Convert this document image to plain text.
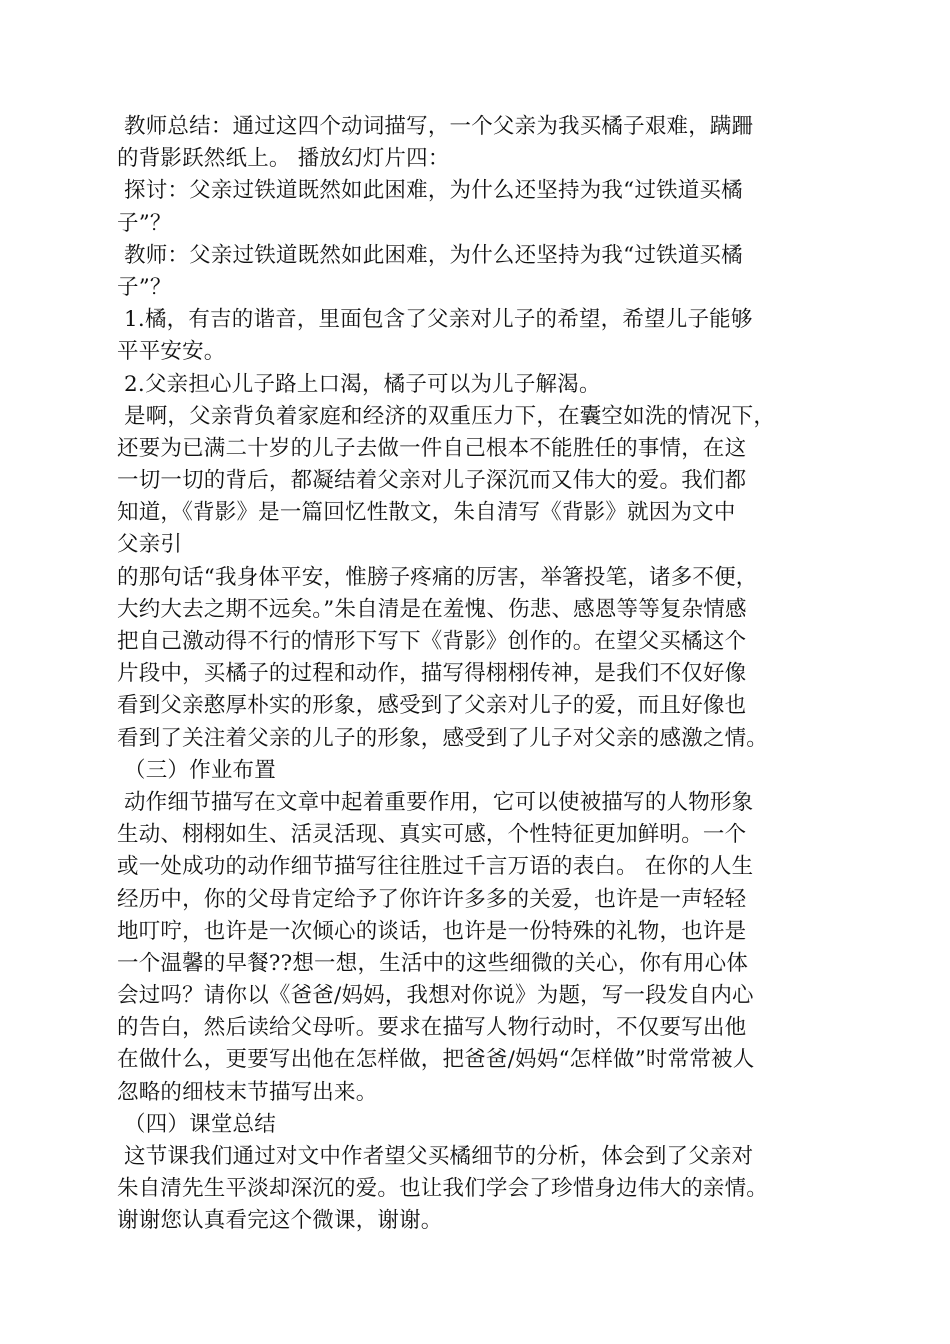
教师总结：通过这四个动词描写，一个父亲为我买橘子艰难，蹒跚
的背影跃然纸上。 播放幻灯片四：
探讨：父亲过铁道既然如此困难，为什么还坚持为我“过铁道买橘
子”？
教师：父亲过铁道既然如此困难，为什么还坚持为我“过铁道买橘
子”？
1.橘，有吉的谐音，里面包含了父亲对儿子的希望，希望儿子能够
平平安安。
2.父亲担心儿子路上口渴，橘子可以为儿子解渴。
是啊，父亲背负着家庭和经济的双重压力下，在囊空如洗的情况下，
还要为已满二十岁的儿子去做一件自己根本不能胜任的事情，在这
一切一切的背后，都凝结着父亲对儿子深沉而又伟大的爱。我们都
知道，《背影》是一篇回忆性散文，朱自清写《背影》就因为文中
父亲引
的那句话“我身体平安，惟膀子疼痛的厉害，举箸投笔，诸多不便，
大约大去之期不远矣。”朱自清是在羞愧、伤悲、感恩等等复杂情感
把自己激动得不行的情形下写下《背影》创作的。在望父买橘这个
片段中，买橘子的过程和动作，描写得栩栩传神，是我们不仅好像
看到父亲憨厚朴实的形象，感受到了父亲对儿子的爱，而且好像也
看到了关注着父亲的儿子的形象，感受到了儿子对父亲的感激之情。
（三）作业布置
动作细节描写在文章中起着重要作用，它可以使被描写的人物形象
生动、栩栩如生、活灵活现、真实可感，个性特征更加鲜明。一个
或一处成功的动作细节描写往往胜过千言万语的表白。 在你的人生
经历中，你的父母肯定给予了你许许多多的关爱，也许是一声轻轻
地叮咛，也许是一次倾心的谈话，也许是一份特殊的礼物，也许是
一个温馨的早餐??想一想，生活中的这些细微的关心，你有用心体
会过吗？请你以《爸爸/妈妈，我想对你说》为题，写一段发自内心
的告白，然后读给父母听。要求在描写人物行动时，不仅要写出他
在做什么，更要写出他在怎样做，把爸爸/妈妈“怎样做”时常常被人
忽略的细枝末节描写出来。
（四）课堂总结
这节课我们通过对文中作者望父买橘细节的分析，体会到了父亲对
朱自清先生平淡却深沉的爱。也让我们学会了珍惜身边伟大的亲情。
谢谢您认真看完这个微课，谢谢。
